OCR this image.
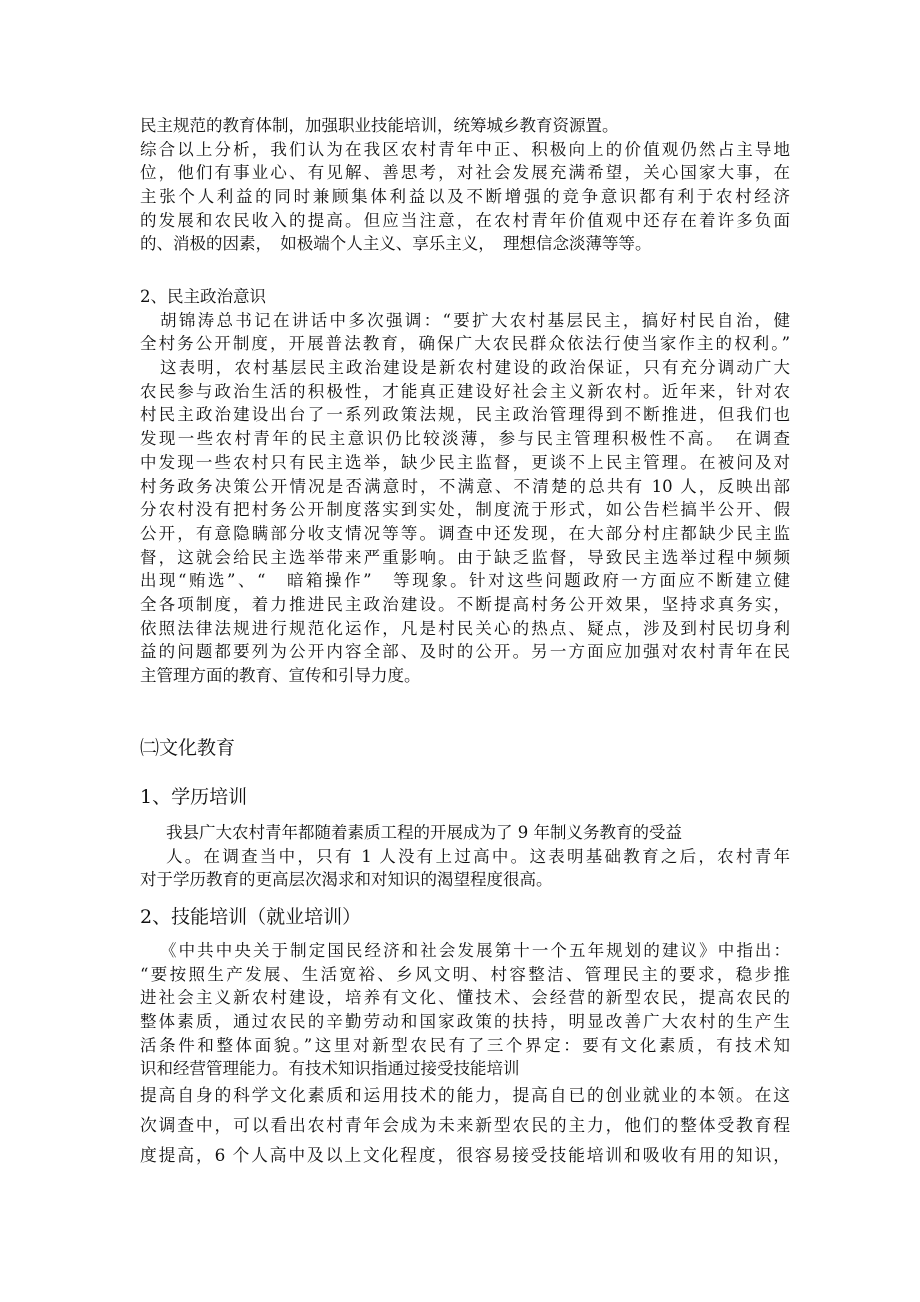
民主规范的教育体制，加强职业技能培训，统筹城乡教育资源置。
综合以上分析，我们认为在我区农村青年中正、积极向上的价值观仍然占主导地
位，他们有事业心、有见解、善思考，对社会发展充满希望，关心国家大事，在
主张个人利益的同时兼顾集体利益以及不断增强的竞争意识都有利于农村经济
的发展和农民收入的提高。但应当注意，在农村青年价值观中还存在着许多负面
的、消极的因素，　如极端个人主义、享乐主义，　理想信念淡薄等等。
2、民主政治意识
胡锦涛总书记在讲话中多次强调：“要扩大农村基层民主，搞好村民自治，健
全村务公开制度，开展普法教育，确保广大农民群众依法行使当家作主的权利。”
这表明，农村基层民主政治建设是新农村建设的政治保证，只有充分调动广大
农民参与政治生活的积极性，才能真正建设好社会主义新农村。近年来，针对农
村民主政治建设出台了一系列政策法规，民主政治管理得到不断推进，但我们也
发现一些农村青年的民主意识仍比较淡薄，参与民主管理积极性不高。　在调查
中发现一些农村只有民主选举，缺少民主监督，更谈不上民主管理。在被问及对
村务政务决策公开情况是否满意时，不满意、不清楚的总共有 10 人，反映出部
分农村没有把村务公开制度落实到实处，制度流于形式，如公告栏搞半公开、假
公开，有意隐瞒部分收支情况等等。调查中还发现，在大部分村庄都缺少民主监
督，这就会给民主选举带来严重影响。由于缺乏监督，导致民主选举过程中频频
出现“贿选”、“　暗箱操作”　等现象。针对这些问题政府一方面应不断建立健
全各项制度，着力推进民主政治建设。不断提高村务公开效果，坚持求真务实，
依照法律法规进行规范化运作，凡是村民关心的热点、疑点，涉及到村民切身利
益的问题都要列为公开内容全部、及时的公开。另一方面应加强对农村青年在民
主管理方面的教育、宣传和引导力度。
㈡文化教育
1、学历培训
我县广大农村青年都随着素质工程的开展成为了 9 年制义务教育的受益
人。在调查当中，只有 1 人没有上过高中。这表明基础教育之后，农村青年
对于学历教育的更高层次渴求和对知识的渴望程度很高。
2、技能培训（就业培训）
《中共中央关于制定国民经济和社会发展第十一个五年规划的建议》中指出：
“要按照生产发展、生活宽裕、乡风文明、村容整洁、管理民主的要求，稳步推
进社会主义新农村建设，培养有文化、懂技术、会经营的新型农民，提高农民的
整体素质，通过农民的辛勤劳动和国家政策的扶持，明显改善广大农村的生产生
活条件和整体面貌。”这里对新型农民有了三个界定：要有文化素质，有技术知
识和经营管理能力。有技术知识指通过接受技能培训
提高自身的科学文化素质和运用技术的能力，提高自已的创业就业的本领。在这
次调查中，可以看出农村青年会成为未来新型农民的主力，他们的整体受教育程
度提高，6 个人高中及以上文化程度，很容易接受技能培训和吸收有用的知识，
